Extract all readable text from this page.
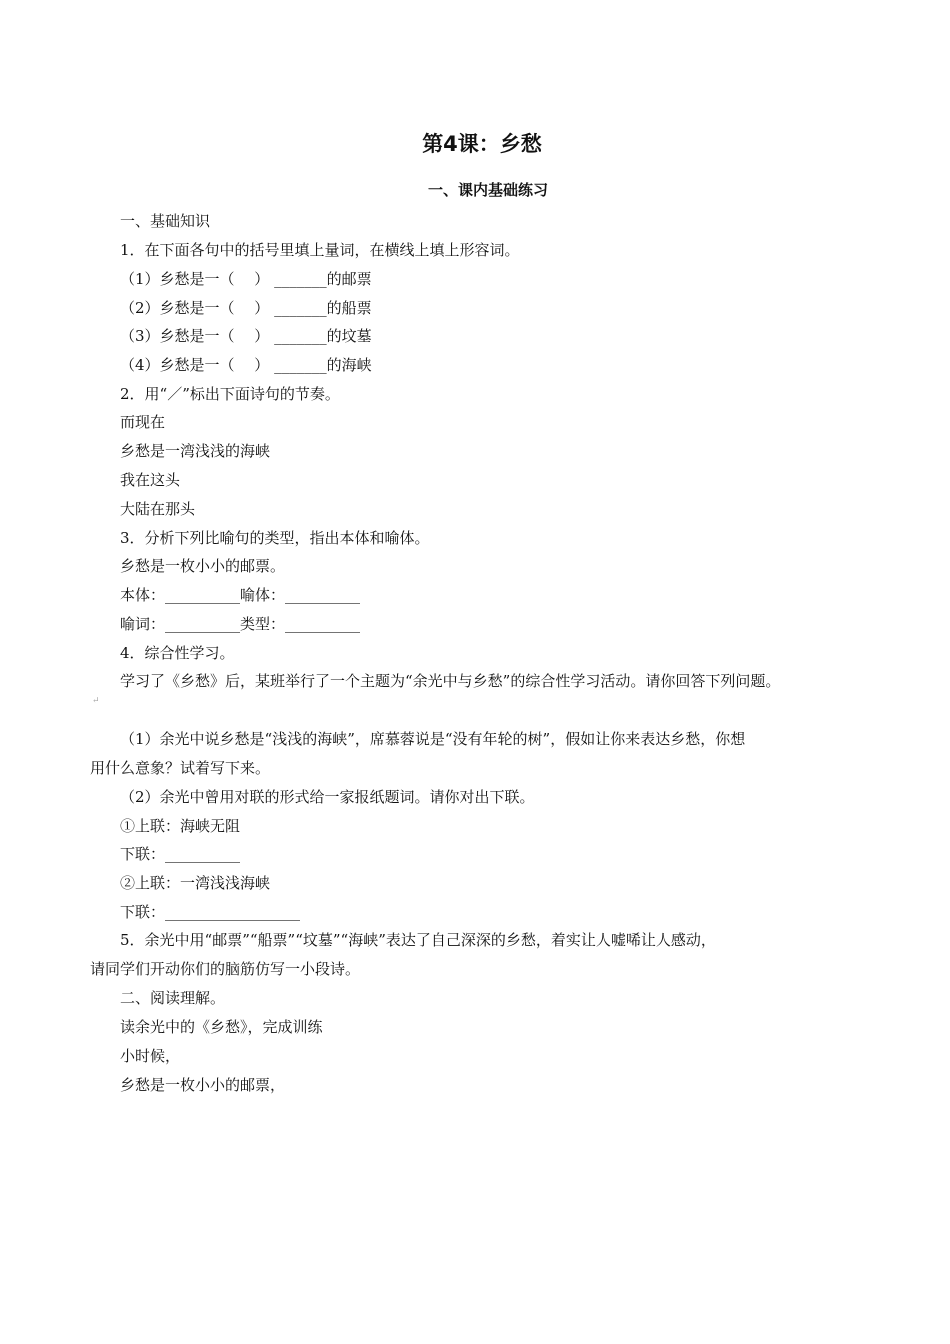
第4课：乡愁
一、课内基础练习
一、基础知识
1．在下面各句中的括号里填上量词，在横线上填上形容词。
（1）乡愁是一（　 ） _______的邮票
（2）乡愁是一（　 ） _______的船票
（3）乡愁是一（　 ） _______的坟墓
（4）乡愁是一（　 ） _______的海峡
2．用“／”标出下面诗句的节奏。
而现在
乡愁是一湾浅浅的海峡
我在这头
大陆在那头
3．分析下列比喻句的类型，指出本体和喻体。
乡愁是一枚小小的邮票。
本体：__________喻体：__________
喻词：__________类型：__________
4．综合性学习。
学习了《乡愁》后，某班举行了一个主题为“余光中与乡愁”的综合性学习活动。请你回答下列问题。
↵
（1）余光中说乡愁是“浅浅的海峡”，席慕蓉说是“没有年轮的树”，假如让你来表达乡愁，你想
用什么意象？试着写下来。
（2）余光中曾用对联的形式给一家报纸题词。请你对出下联。
①上联：海峡无阻
下联：__________
②上联：一湾浅浅海峡
下联：__________________
5．余光中用“邮票”“船票”“坟墓”“海峡”表达了自己深深的乡愁，着实让人嘘唏让人感动，
请同学们开动你们的脑筋仿写一小段诗。
二、阅读理解。
读余光中的《乡愁》，完成训练
小时候，
乡愁是一枚小小的邮票，
